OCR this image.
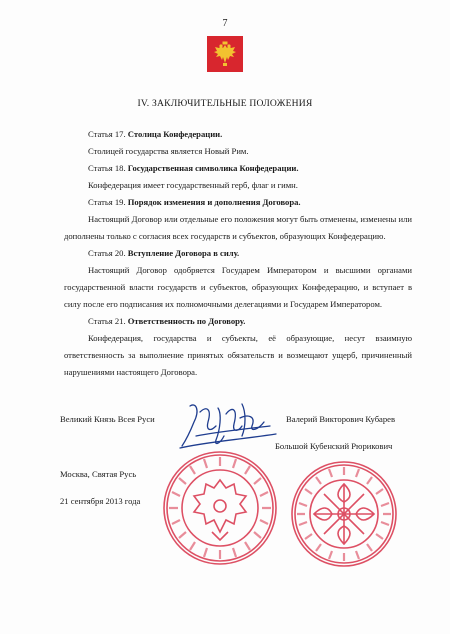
7
IV. ЗАКЛЮЧИТЕЛЬНЫЕ ПОЛОЖЕНИЯ

Статья 17. Столица Конфедерации.

Столицей государства является Новый Рим.

Статья 18. Государственная символика Конфедерации.

Конфедерация имеет государственный герб, флаг и гимн.

Статья 19. Порядок изменения и дополнения Договора.

Настоящий Договор или отдельные его положения могут быть отменены, изменены или дополнены только с согласия всех государств и субъектов, образующих Конфедерацию.

Статья 20. Вступление Договора в силу.

Настоящий Договор одобряется Государем Императором и высшими органами государственной власти государств и субъектов, образующих Конфедерацию, и вступает в силу после его подписания их полномочными делегациями и Государем Императором.

Статья 21. Ответственность по Договору.

Конфедерация, государства и субъекты, её образующие, несут взаимную ответственность за выполнение принятых обязательств и возмещают ущерб, причиненный нарушениями настоящего Договора.

Великий Князь Всея Руси	Валерий Викторович Кубарев
Большой Кубенский Рюрикович
Москва, Святая Русь
21 сентября 2013 года
